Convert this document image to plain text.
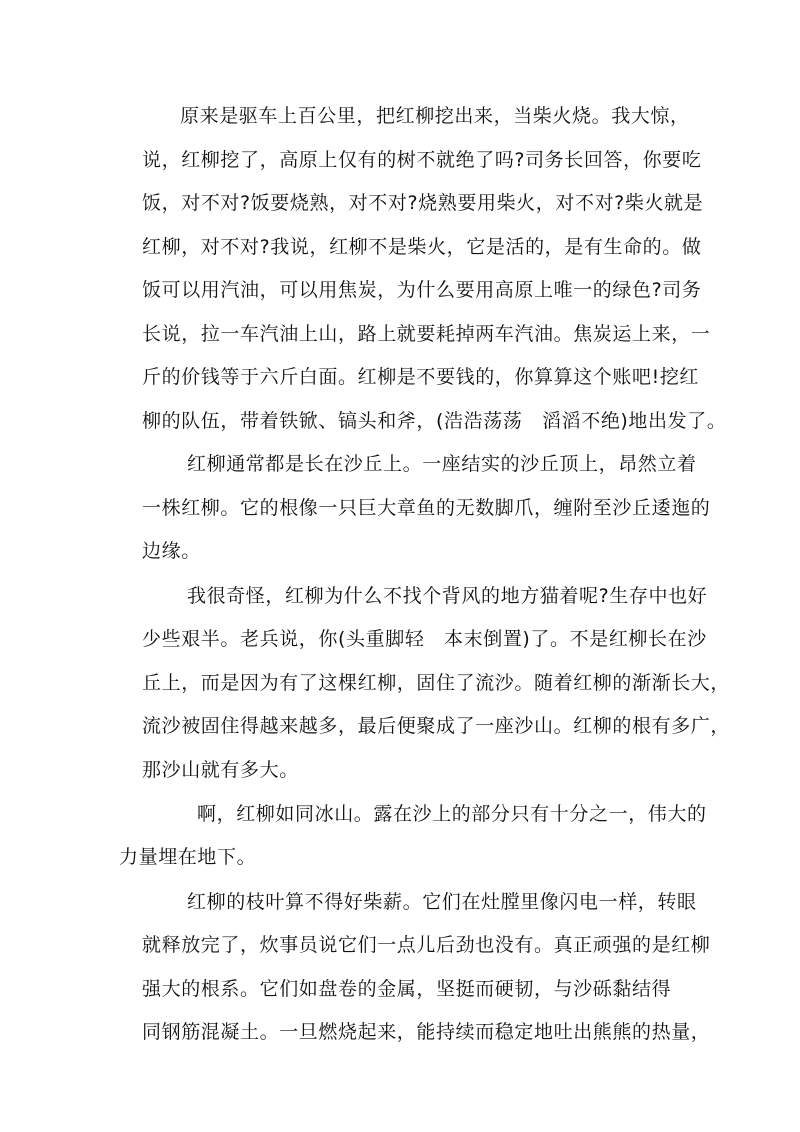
原来是驱车上百公里，把红柳挖出来，当柴火烧。我大惊，
说，红柳挖了，高原上仅有的树不就绝了吗?司务长回答，你要吃
饭，对不对?饭要烧熟，对不对?烧熟要用柴火，对不对?柴火就是
红柳，对不对?我说，红柳不是柴火，它是活的，是有生命的。做
饭可以用汽油，可以用焦炭，为什么要用高原上唯一的绿色?司务
长说，拉一车汽油上山，路上就要耗掉两车汽油。焦炭运上来，一
斤的价钱等于六斤白面。红柳是不要钱的，你算算这个账吧!挖红
柳的队伍，带着铁锨、镐头和斧，(浩浩荡荡　滔滔不绝)地出发了。
红柳通常都是长在沙丘上。一座结实的沙丘顶上，昂然立着
一株红柳。它的根像一只巨大章鱼的无数脚爪，缠附至沙丘逶迤的
边缘。
我很奇怪，红柳为什么不找个背风的地方猫着呢?生存中也好
少些艰半。老兵说，你(头重脚轻　本末倒置)了。不是红柳长在沙
丘上，而是因为有了这棵红柳，固住了流沙。随着红柳的渐渐长大，
流沙被固住得越来越多，最后便聚成了一座沙山。红柳的根有多广，
那沙山就有多大。
啊，红柳如同冰山。露在沙上的部分只有十分之一，伟大的
力量埋在地下。
红柳的枝叶算不得好柴薪。它们在灶膛里像闪电一样，转眼
就释放完了，炊事员说它们一点儿后劲也没有。真正顽强的是红柳
强大的根系。它们如盘卷的金属，坚挺而硬韧，与沙砾黏结得
同钢筋混凝土。一旦燃烧起来，能持续而稳定地吐出熊熊的热量，
